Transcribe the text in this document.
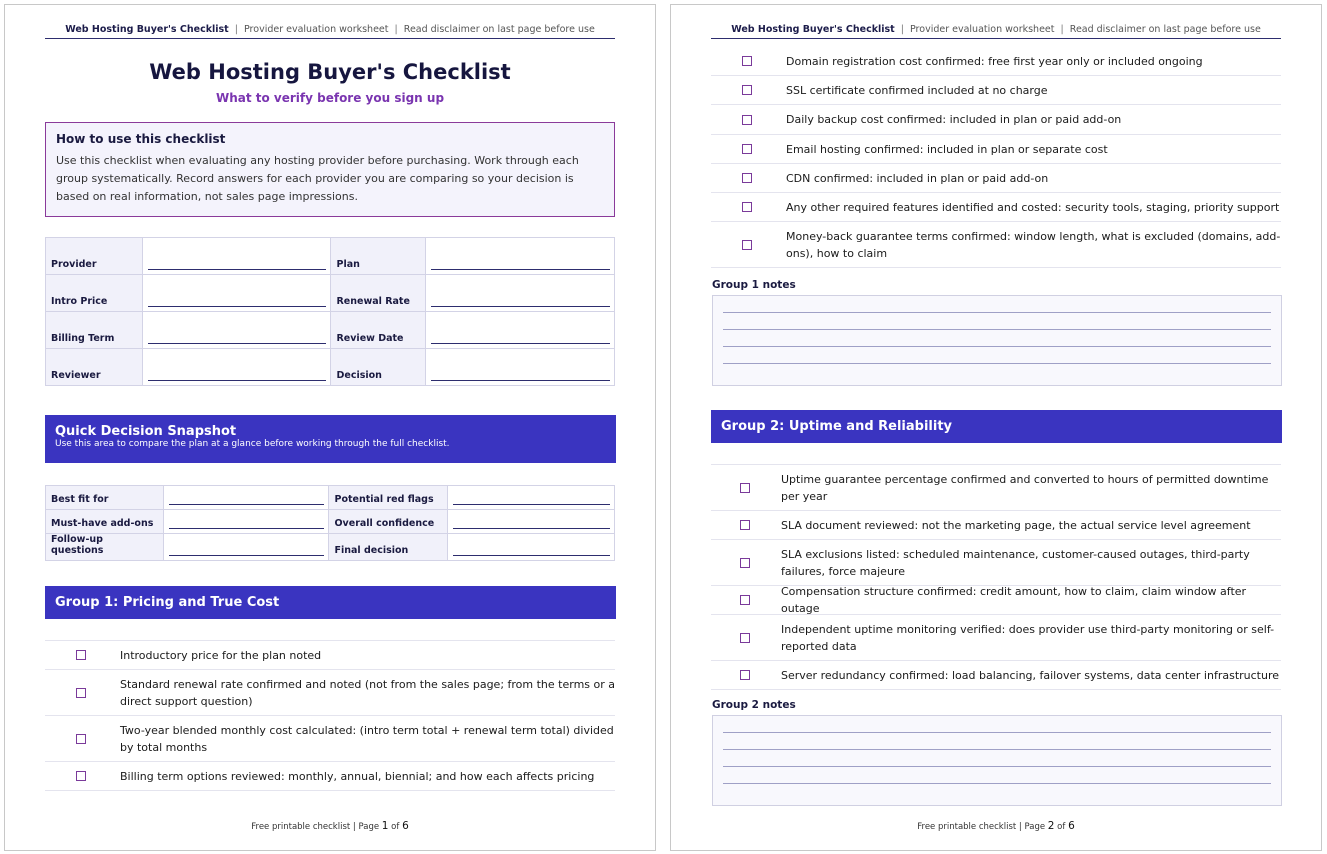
Web Hosting Buyer's Checklist | Provider evaluation worksheet | Read disclaimer on last page before use
Web Hosting Buyer's Checklist
What to verify before you sign up
How to use this checklist
Use this checklist when evaluating any hosting provider before purchasing. Work through each group systematically. Record answers for each provider you are comparing so your decision is based on real information, not sales page impressions.
Provider		Plan	

Intro Price		Renewal Rate	

Billing Term		Review Date	

Reviewer		Decision	
Quick Decision Snapshot
Use this area to compare the plan at a glance before working through the full checklist.
Best fit for		Potential red flags	

Must-have add-ons		Overall confidence	

Follow-up questions		Final decision	
Group 1: Pricing and True Cost
Introductory price for the plan noted
Standard renewal rate confirmed and noted (not from the sales page; from the terms or a direct support question)
Two-year blended monthly cost calculated: (intro term total + renewal term total) divided by total months
Billing term options reviewed: monthly, annual, biennial; and how each affects pricing
Free printable checklist | Page 1 of 6
Web Hosting Buyer's Checklist | Provider evaluation worksheet | Read disclaimer on last page before use
Domain registration cost confirmed: free first year only or included ongoing
SSL certificate confirmed included at no charge
Daily backup cost confirmed: included in plan or paid add-on
Email hosting confirmed: included in plan or separate cost
CDN confirmed: included in plan or paid add-on
Any other required features identified and costed: security tools, staging, priority support
Money-back guarantee terms confirmed: window length, what is excluded (domains, add-ons), how to claim
Group 1 notes
Group 2: Uptime and Reliability
Uptime guarantee percentage confirmed and converted to hours of permitted downtime per year
SLA document reviewed: not the marketing page, the actual service level agreement
SLA exclusions listed: scheduled maintenance, customer-caused outages, third-party failures, force majeure
Compensation structure confirmed: credit amount, how to claim, claim window after outage
Independent uptime monitoring verified: does provider use third-party monitoring or self-reported data
Server redundancy confirmed: load balancing, failover systems, data center infrastructure
Group 2 notes
Free printable checklist | Page 2 of 6
